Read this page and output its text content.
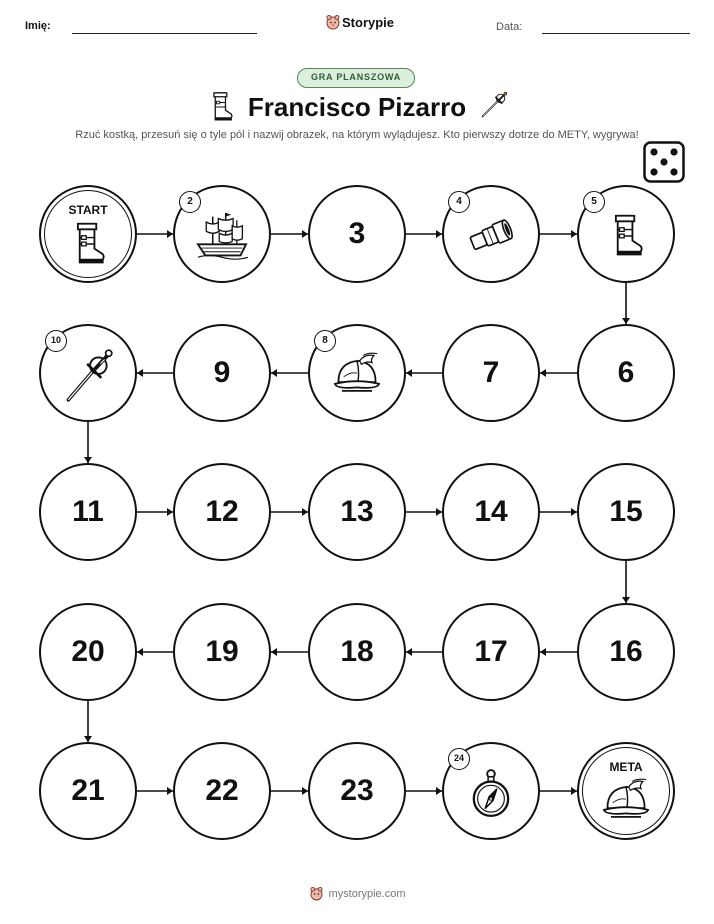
Imię:	Storypie	Data:
GRA PLANSZOWA
Francisco Pizarro
Rzuć kostką, przesuń się o tyle pól i nazwij obrazek, na którym wylądujesz. Kto pierwszy dotrze do METY, wygrywa!
START
2
3
4	5
6
7
8
9
10
11	12	13	14	15
16
17
18
19
20
21	22	23
24
META
mystorypie.com
